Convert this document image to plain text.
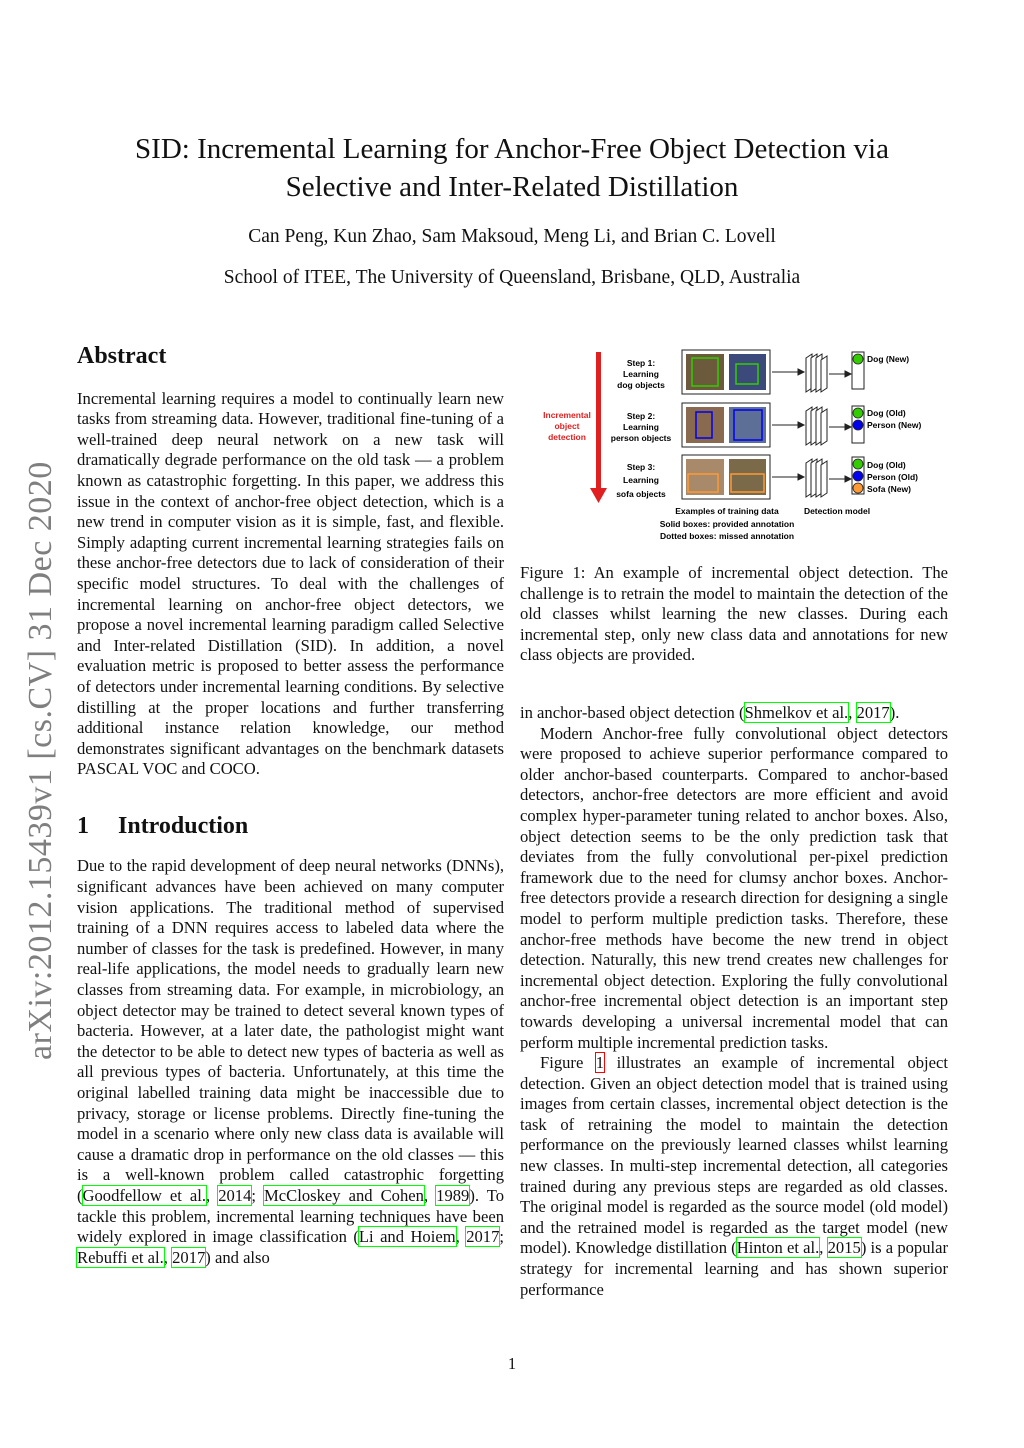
arXiv:2012.15439v1 [cs.CV] 31 Dec 2020
SID: Incremental Learning for Anchor-Free Object Detection via
Selective and Inter-Related Distillation
Can Peng, Kun Zhao, Sam Maksoud, Meng Li, and Brian C. Lovell
School of ITEE, The University of Queensland, Brisbane, QLD, Australia
Abstract

Incremental learning requires a model to continually learn new tasks from streaming data. However, traditional fine-tuning of a well-trained deep neural network on a new task will dramatically degrade performance on the old task — a problem known as catastrophic forgetting. In this paper, we address this issue in the context of anchor-free object detection, which is a new trend in computer vision as it is simple, fast, and flexible. Simply adapting current incremental learning strategies fails on these anchor-free detectors due to lack of consideration of their specific model structures. To deal with the challenges of incremental learning on anchor-free object detectors, we propose a novel incremental learning paradigm called Selective and Inter-related Distillation (SID). In addition, a novel evaluation metric is proposed to better assess the performance of detectors under incremental learning conditions. By selective distilling at the proper locations and further transferring additional instance relation knowledge, our method demonstrates significant advantages on the benchmark datasets PASCAL VOC and COCO.

1 Introduction

Due to the rapid development of deep neural networks (DNNs), significant advances have been achieved on many computer vision applications. The traditional method of supervised training of a DNN requires access to labeled data where the number of classes for the task is predefined. However, in many real-life applications, the model needs to gradually learn new classes from streaming data. For example, in microbiology, an object detector may be trained to detect several known types of bacteria. However, at a later date, the pathologist might want the detector to be able to detect new types of bacteria as well as all previous types of bacteria. Unfortunately, at this time the original labelled training data might be inaccessible due to privacy, storage or license problems. Directly fine-tuning the model in a scenario where only new class data is available will cause a dramatic drop in performance on the old classes — this is a well-known problem called catastrophic forgetting (Goodfellow et al., 2014; McCloskey and Cohen, 1989). To tackle this problem, incremental learning techniques have been widely explored in image classification (Li and Hoiem, 2017; Rebuffi et al., 2017) and also

Incremental
object
detection
Step 1:
Learning
dog objects
Step 2:
Learning
person objects
Step 3:
Learning
sofa objects
Dog (New)
Dog (Old)
Person (New)
Dog (Old)
Person (Old)
Sofa (New)
Examples of training data	Detection model
Solid boxes: provided annotation
Dotted boxes: missed annotation
Figure 1: An example of incremental object detection. The challenge is to retrain the model to maintain the detection of the old classes whilst learning the new classes. During each incremental step, only new class data and annotations for new class objects are provided.

in anchor-based object detection (Shmelkov et al., 2017).

Modern Anchor-free fully convolutional object detectors were proposed to achieve superior performance compared to older anchor-based counterparts. Compared to anchor-based detectors, anchor-free detectors are more efficient and avoid complex hyper-parameter tuning related to anchor boxes. Also, object detection seems to be the only prediction task that deviates from the fully convolutional per-pixel prediction framework due to the need for clumsy anchor boxes. Anchor-free detectors provide a research direction for designing a single model to perform multiple prediction tasks. Therefore, these anchor-free methods have become the new trend in object detection. Naturally, this new trend creates new challenges for incremental object detection. Exploring the fully convolutional anchor-free incremental object detection is an important step towards developing a universal incremental model that can perform multiple incremental prediction tasks.

Figure 1 illustrates an example of incremental object detection. Given an object detection model that is trained using images from certain classes, incremental object detection is the task of retraining the model to maintain the detection performance on the previously learned classes whilst learning new classes. In multi-step incremental detection, all categories trained during any previous steps are regarded as old classes. The original model is regarded as the source model (old model) and the retrained model is regarded as the target model (new model). Knowledge distillation (Hinton et al., 2015) is a popular strategy for incremental learning and has shown superior performance

1
